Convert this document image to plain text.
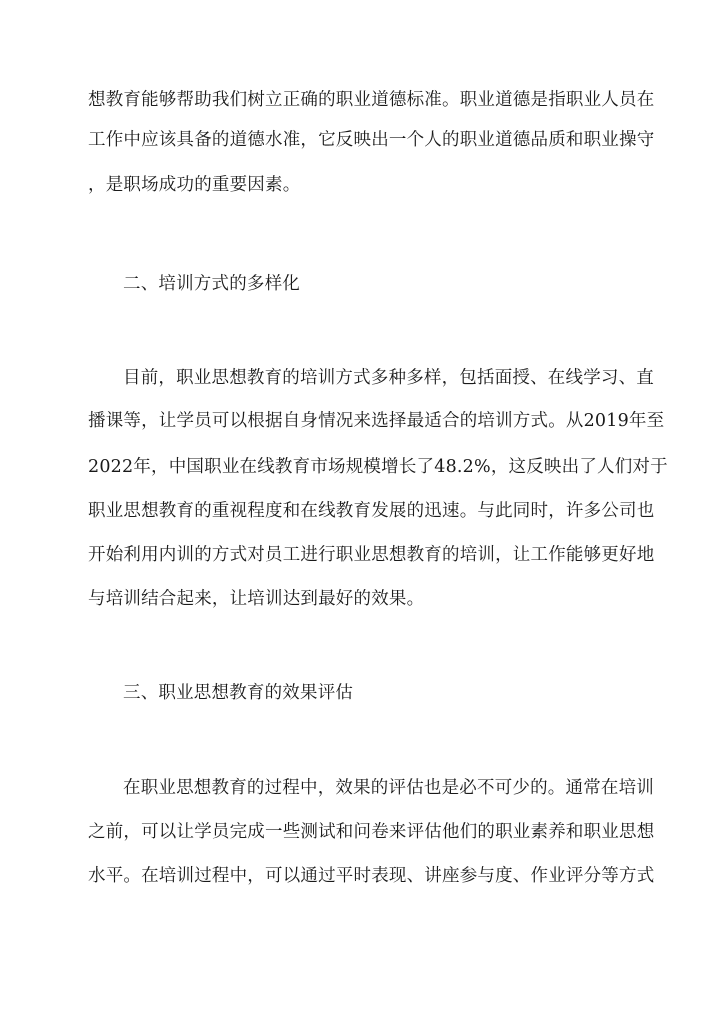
想教育能够帮助我们树立正确的职业道德标准。职业道德是指职业人员在
工作中应该具备的道德水准，它反映出一个人的职业道德品质和职业操守
，是职场成功的重要因素。
二、培训方式的多样化
目前，职业思想教育的培训方式多种多样，包括面授、在线学习、直
播课等，让学员可以根据自身情况来选择最适合的培训方式。从2019年至
2022年，中国职业在线教育市场规模增长了48.2%，这反映出了人们对于
职业思想教育的重视程度和在线教育发展的迅速。与此同时，许多公司也
开始利用内训的方式对员工进行职业思想教育的培训，让工作能够更好地
与培训结合起来，让培训达到最好的效果。
三、职业思想教育的效果评估
在职业思想教育的过程中，效果的评估也是必不可少的。通常在培训
之前，可以让学员完成一些测试和问卷来评估他们的职业素养和职业思想
水平。在培训过程中，可以通过平时表现、讲座参与度、作业评分等方式
